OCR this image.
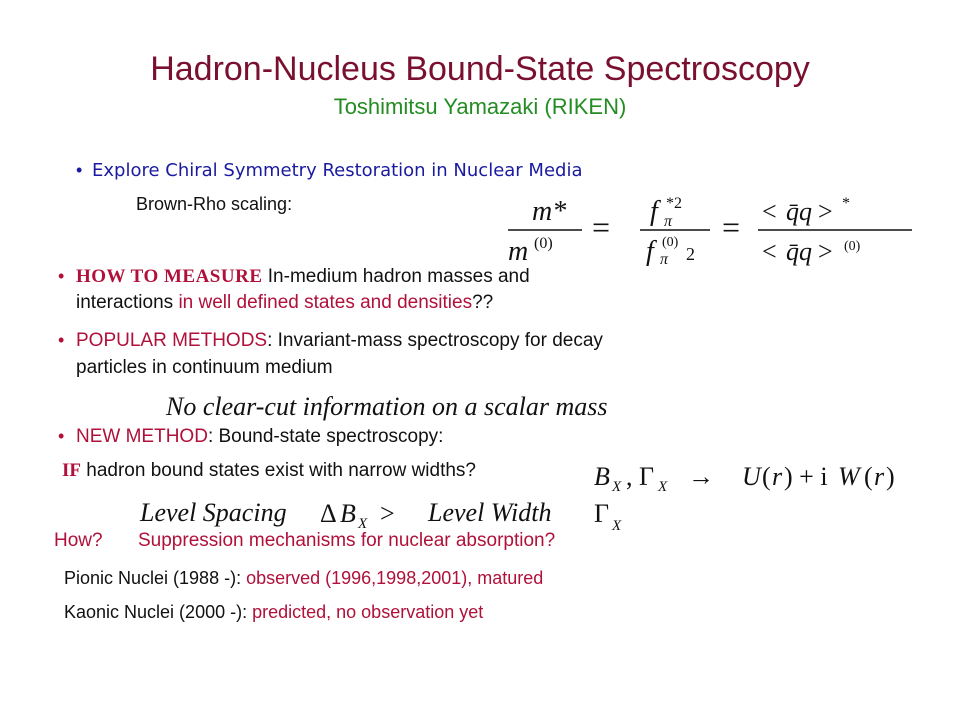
Hadron-Nucleus Bound-State Spectroscopy
Toshimitsu Yamazaki (RIKEN)
• Explore Chiral Symmetry Restoration in Nuclear Media
Brown-Rho scaling:	m*
m (0) = f π
*2
f π
(0)
2
= < q̄q > *
< q̄q > (0)
• HOW TO MEASURE In-medium hadron masses and
interactions in well defined states and densities??
• POPULAR METHODS: Invariant-mass spectroscopy for decay
particles in continuum medium
No clear-cut information on a scalar mass
• NEW METHOD: Bound-state spectroscopy:
IF hadron bound states exist with narrow widths?	B X , Γ X → U ( r ) + i W ( r )
Level Spacing Δ B X > Level Width Γ X
How? Suppression mechanisms for nuclear absorption?
Pionic Nuclei (1988 -): observed (1996,1998,2001), matured
Kaonic Nuclei (2000 -): predicted, no observation yet
